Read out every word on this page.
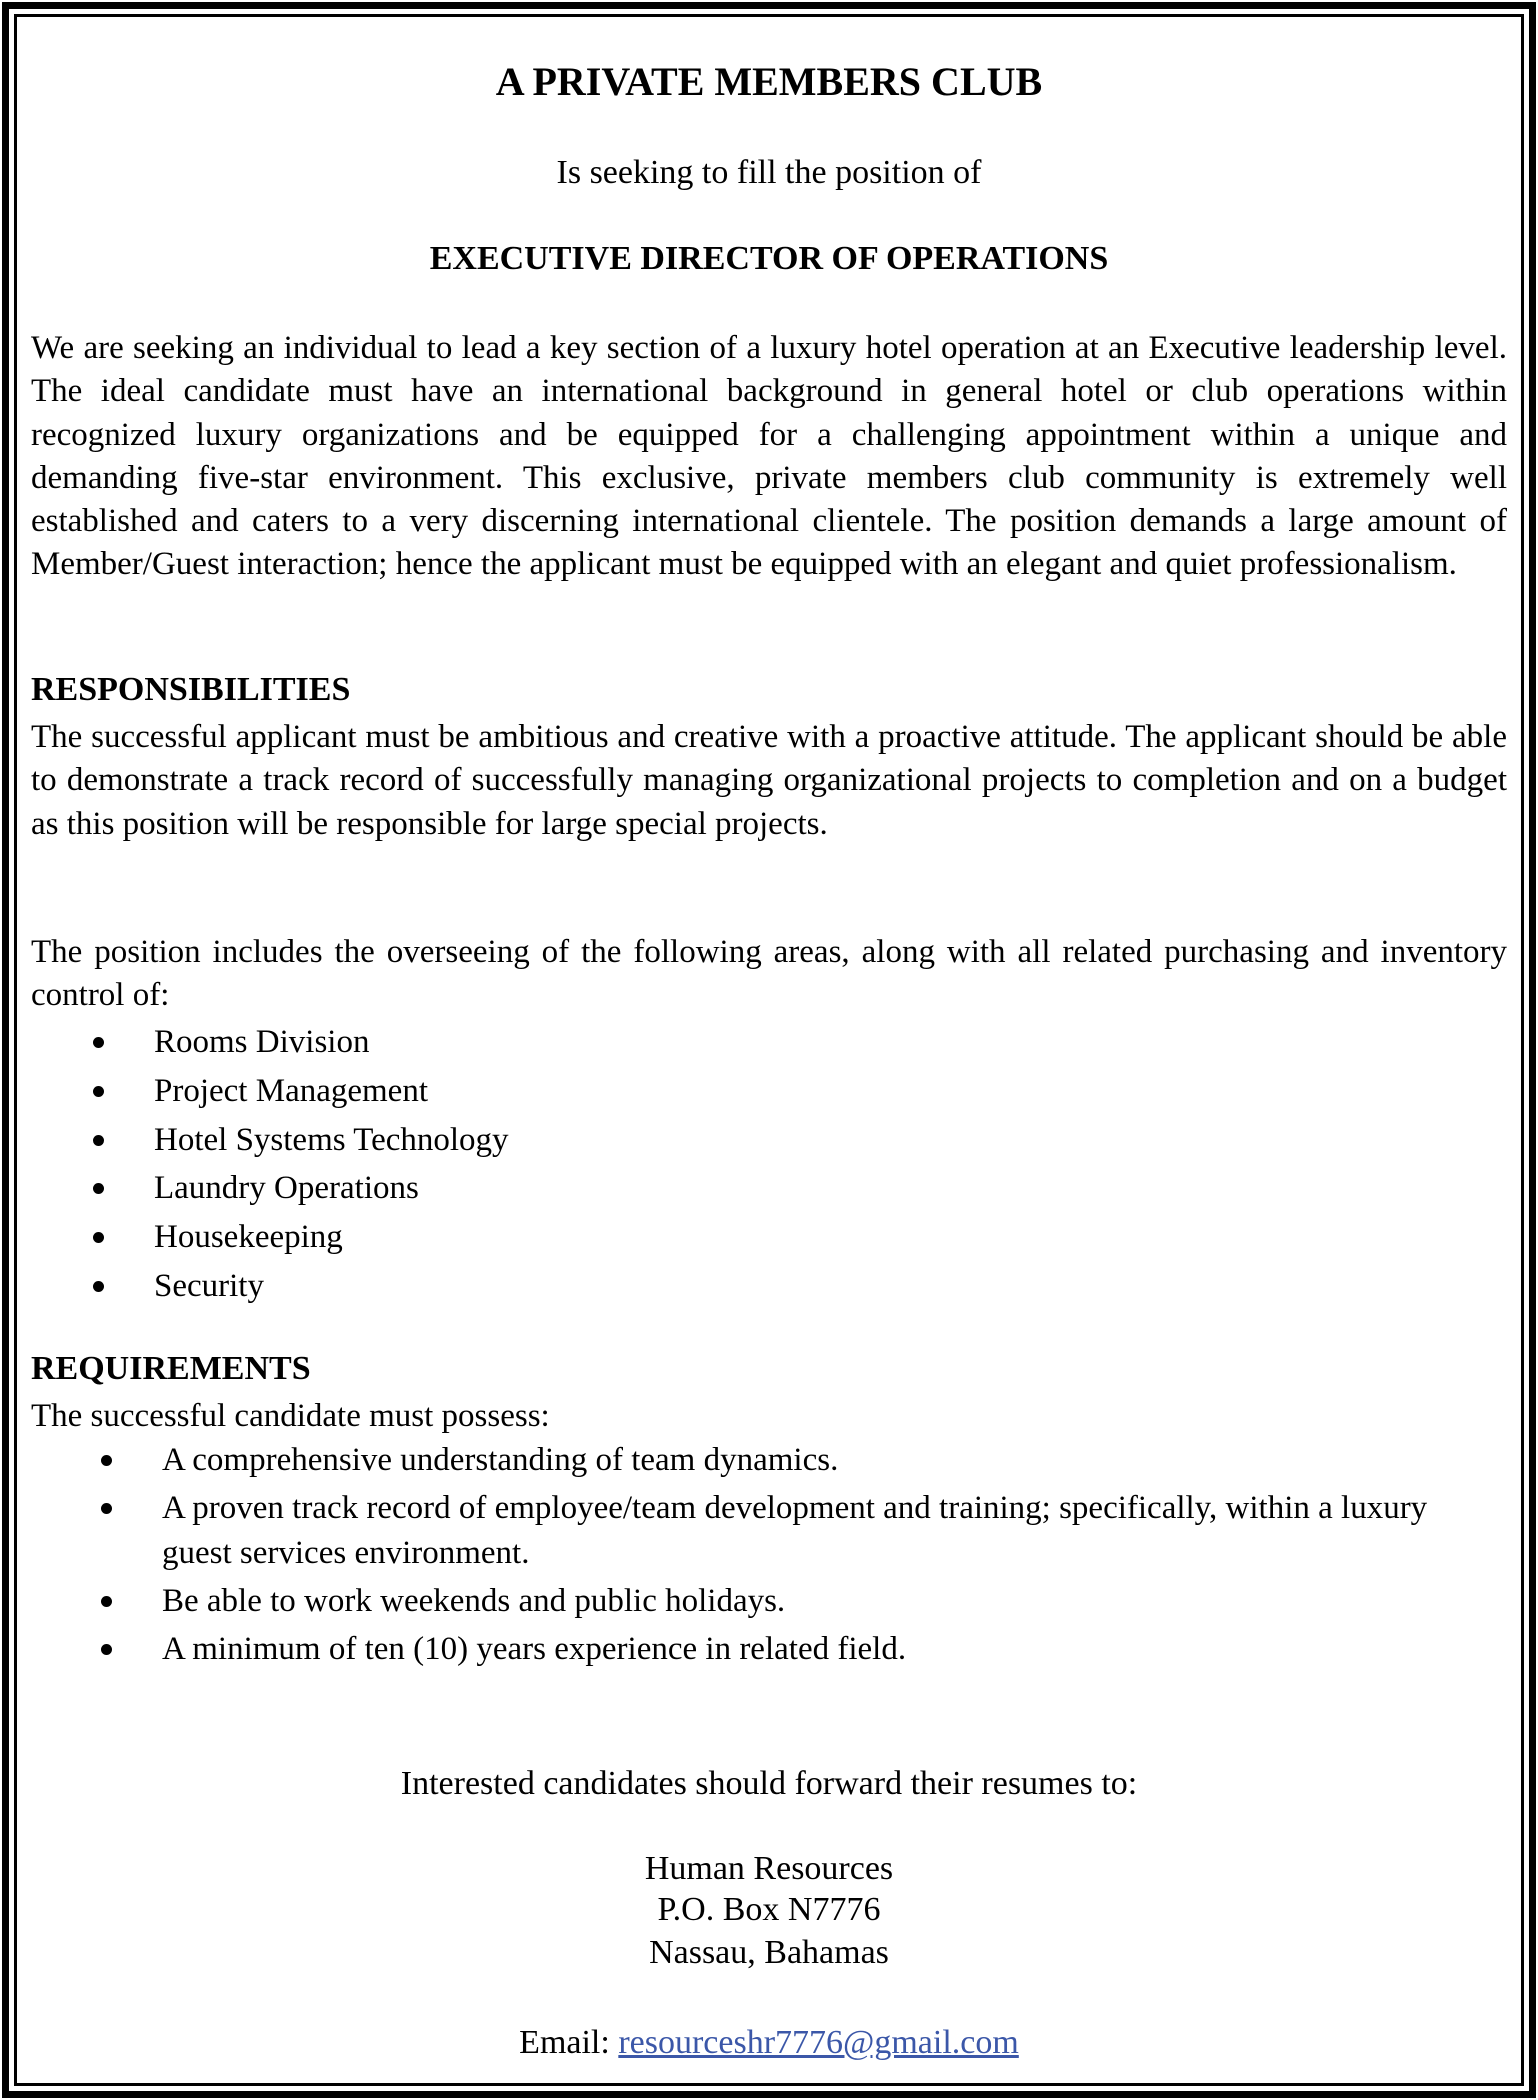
A PRIVATE MEMBERS CLUB
Is seeking to fill the position of
EXECUTIVE DIRECTOR OF OPERATIONS

We are seeking an individual to lead a key section of a luxury hotel operation at an Executive leadership level. The ideal candidate must have an international background in general hotel or club operations within recognized luxury organizations and be equipped for a challenging appointment within a unique and demanding five-star environment. This exclusive, private members club community is extremely well established and caters to a very discerning international clientele. The position demands a large amount of Member/Guest interaction; hence the applicant must be equipped with an elegant and quiet professionalism.

RESPONSIBILITIES

The successful applicant must be ambitious and creative with a proactive attitude. The applicant should be able to demonstrate a track record of successfully managing organizational projects to completion and on a budget as this position will be responsible for large special projects.

The position includes the overseeing of the following areas, along with all related purchasing and inventory control of:

Rooms Division
Project Management
Hotel Systems Technology
Laundry Operations
Housekeeping
Security
REQUIREMENTS
The successful candidate must possess:
A comprehensive understanding of team dynamics.
A proven track record of employee/team development and training; specifically, within a luxury guest services environment.
Be able to work weekends and public holidays.
A minimum of ten (10) years experience in related field.
Interested candidates should forward their resumes to:
Human Resources
P.O. Box N7776
Nassau, Bahamas
Email: resourceshr7776@gmail.com
